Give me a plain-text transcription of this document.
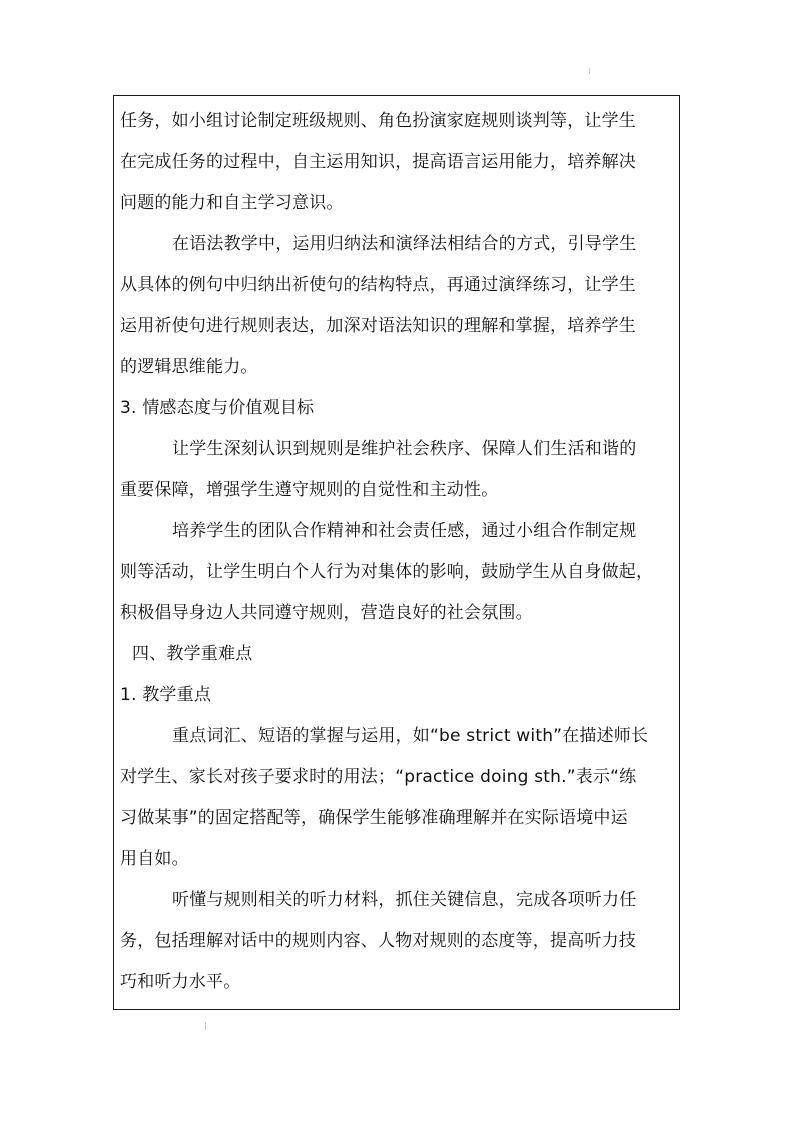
任务，如小组讨论制定班级规则、角色扮演家庭规则谈判等，让学生
在完成任务的过程中，自主运用知识，提高语言运用能力，培养解决
问题的能力和自主学习意识。
在语法教学中，运用归纳法和演绎法相结合的方式，引导学生
从具体的例句中归纳出祈使句的结构特点，再通过演绎练习，让学生
运用祈使句进行规则表达，加深对语法知识的理解和掌握，培养学生
的逻辑思维能力。
3. 情感态度与价值观目标
让学生深刻认识到规则是维护社会秩序、保障人们生活和谐的
重要保障，增强学生遵守规则的自觉性和主动性。
培养学生的团队合作精神和社会责任感，通过小组合作制定规
则等活动，让学生明白个人行为对集体的影响，鼓励学生从自身做起，
积极倡导身边人共同遵守规则，营造良好的社会氛围。
四、教学重难点
1. 教学重点
重点词汇、短语的掌握与运用，如“be strict with”在描述师长
对学生、家长对孩子要求时的用法；“practice doing sth.”表示“练
习做某事”的固定搭配等，确保学生能够准确理解并在实际语境中运
用自如。
听懂与规则相关的听力材料，抓住关键信息，完成各项听力任
务，包括理解对话中的规则内容、人物对规则的态度等，提高听力技
巧和听力水平。
